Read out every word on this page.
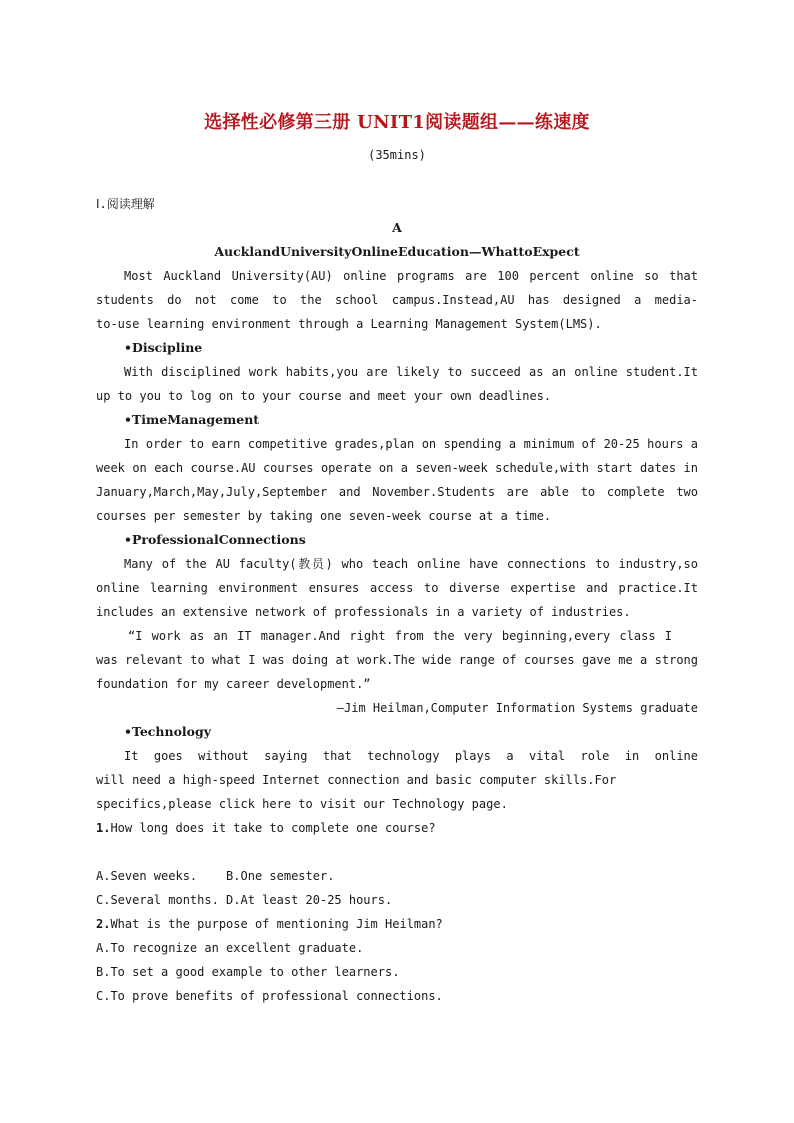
选择性必修第三册 UNIT1阅读题组——练速度
(35mins)
Ⅰ.阅读理解
A
AucklandUniversityOnlineEducation—WhattoExpect
Most Auckland University(AU) online programs are 100 percent online so that
students do not come to the school campus.Instead,AU has designed a media-
to-use learning environment through a Learning Management System(LMS).
•Discipline
With disciplined work habits,you are likely to succeed as an online student.It
up to you to log on to your course and meet your own deadlines.
•TimeManagement
In order to earn competitive grades,plan on spending a minimum of 20-25 hours a
week on each course.AU courses operate on a seven-week schedule,with start dates in
January,March,May,July,September and November.Students are able to complete two
courses per semester by taking one seven-week course at a time.
•ProfessionalConnections
Many of the AU faculty(教员) who teach online have connections to industry,so
online learning environment ensures access to diverse expertise and practice.It
includes an extensive network of professionals in a variety of industries.
“I work as an IT manager.And right from the very beginning,every class I
was relevant to what I was doing at work.The wide range of courses gave me a strong
foundation for my career development.”
—Jim Heilman,Computer Information Systems graduate
•Technology
It goes without saying that technology plays a vital role in online
will need a high-speed Internet connection and basic computer skills.For
specifics,please click here to visit our Technology page.
1.How long does it take to complete one course?
A.Seven weeks.    B.One semester.
C.Several months. D.At least 20-25 hours.
2.What is the purpose of mentioning Jim Heilman?
A.To recognize an excellent graduate.
B.To set a good example to other learners.
C.To prove benefits of professional connections.
